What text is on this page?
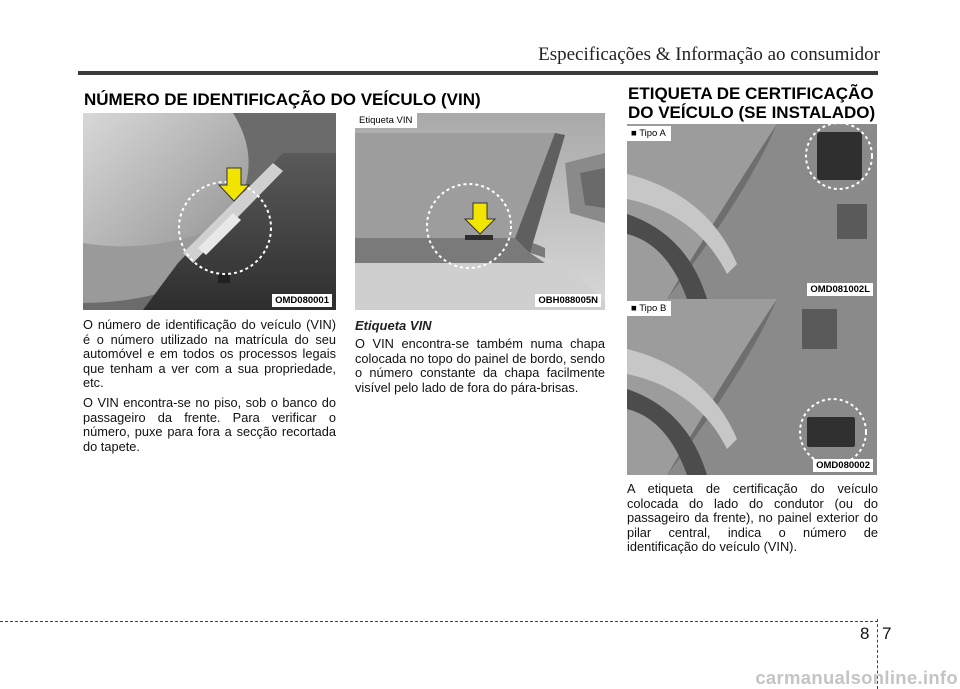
Especificações & Informação ao consumidor
NÚMERO DE IDENTIFICAÇÃO DO VEÍCULO (VIN)
OMD080001
Etiqueta VIN
OBH088005N

O número de identificação do veículo (VIN) é o número utilizado na matrícula do seu automóvel e em todos os processos legais que tenham a ver com a sua propriedade, etc.

O VIN encontra-se no piso, sob o banco do passageiro da frente. Para verificar o número, puxe para fora a secção recortada do tapete.

Etiqueta VIN

O VIN encontra-se também numa chapa colocada no topo do painel de bordo, sendo o número constante da chapa facilmente visível pelo lado de fora do pára-brisas.

ETIQUETA DE CERTIFICAÇÃO
DO VEÍCULO (SE INSTALADO)
■ Tipo A
OMD081002L
■ Tipo B
OMD080002

A etiqueta de certificação do veículo colocada do lado do condutor (ou do passageiro da frente), no painel exterior do pilar central, indica o número de identificação do veículo (VIN).

8 7
carmanualsonline.info
